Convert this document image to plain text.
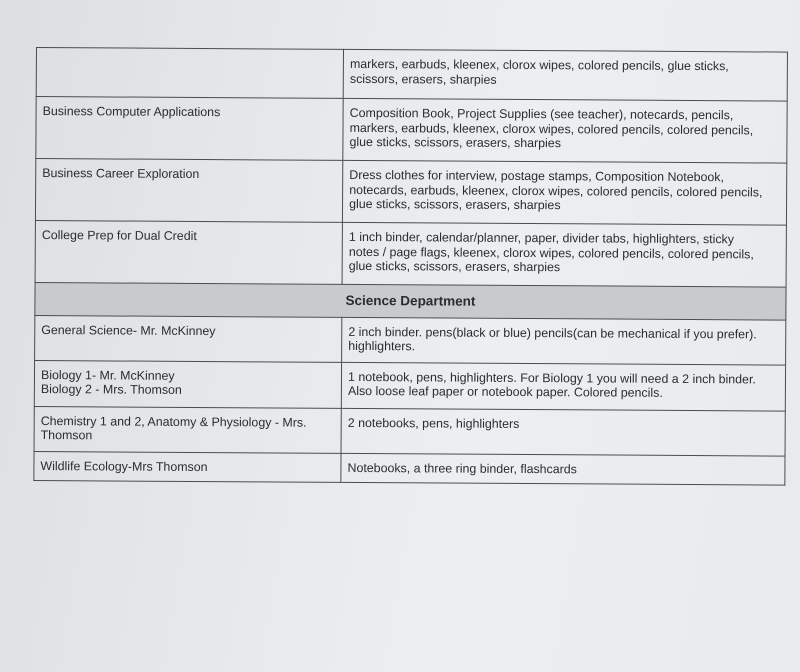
	markers, earbuds, kleenex, clorox wipes, colored pencils, glue sticks,
scissors, erasers, sharpies

Business Computer Applications	Composition Book, Project Supplies (see teacher), notecards, pencils,
markers, earbuds, kleenex, clorox wipes, colored pencils, colored pencils,
glue sticks, scissors, erasers, sharpies

Business Career Exploration	Dress clothes for interview, postage stamps, Composition Notebook,
notecards, earbuds, kleenex, clorox wipes, colored pencils, colored pencils,
glue sticks, scissors, erasers, sharpies

College Prep for Dual Credit	1 inch binder, calendar/planner, paper, divider tabs, highlighters, sticky
notes / page flags, kleenex, clorox wipes, colored pencils, colored pencils,
glue sticks, scissors, erasers, sharpies

Science Department	

General Science- Mr. McKinney	2 inch binder. pens(black or blue) pencils(can be mechanical if you prefer).
highlighters.

Biology 1- Mr. McKinney
Biology 2 - Mrs. Thomson	1 notebook, pens, highlighters. For Biology 1 you will need a 2 inch binder.
Also loose leaf paper or notebook paper. Colored pencils.

Chemistry 1 and 2, Anatomy & Physiology - Mrs.
Thomson	2 notebooks, pens, highlighters

Wildlife Ecology-Mrs Thomson	Notebooks, a three ring binder, flashcards
